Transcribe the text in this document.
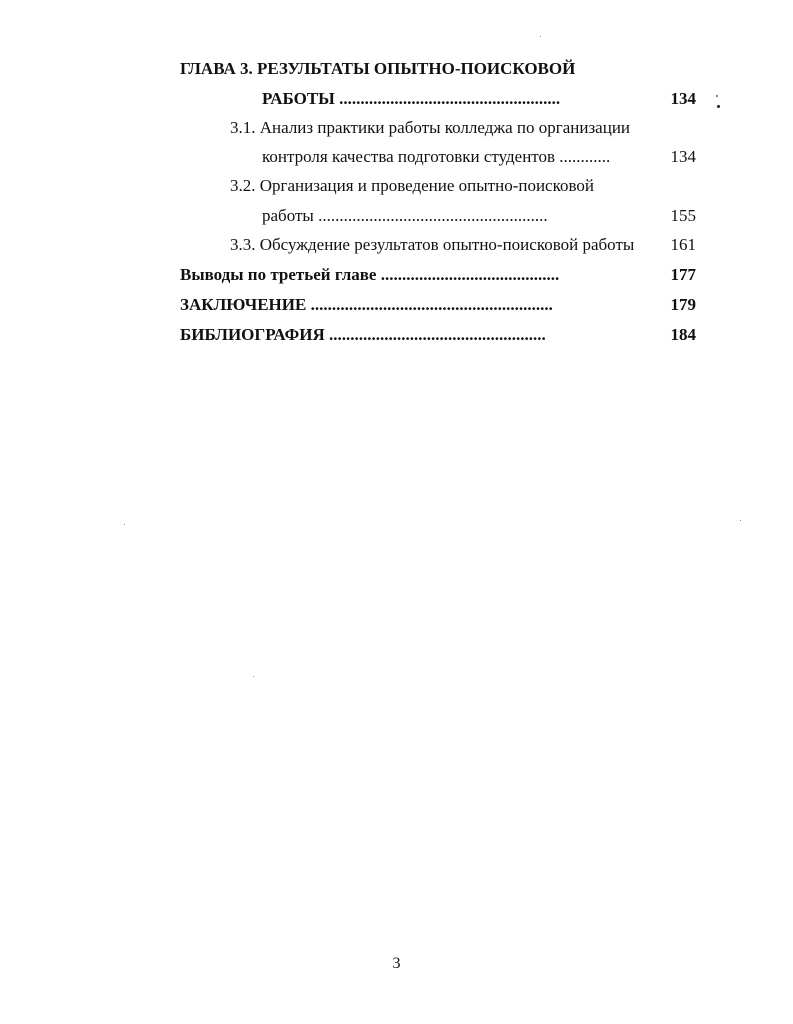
ГЛАВА 3. РЕЗУЛЬТАТЫ ОПЫТНО-ПОИСКОВОЙ
РАБОТЫ ....................................................	134
3.1. Анализ практики работы колледжа по организации
контроля качества подготовки студентов ............	134
3.2. Организация и проведение опытно-поисковой
работы ......................................................	155
3.3. Обсуждение результатов опытно-поисковой работы	161
Выводы по третьей главе ..........................................	177
ЗАКЛЮЧЕНИЕ .........................................................	179
БИБЛИОГРАФИЯ ...................................................	184
3
